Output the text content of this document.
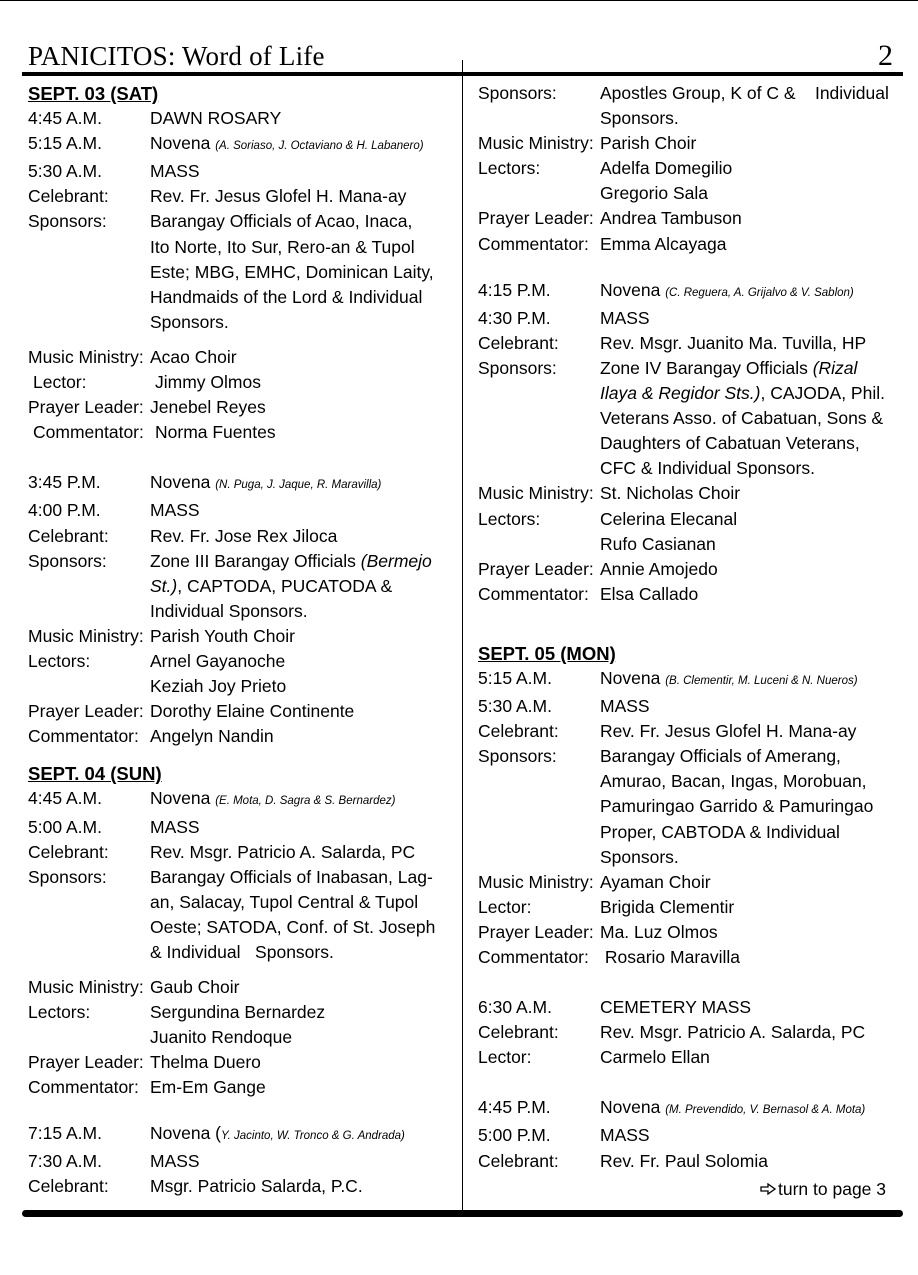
PANICITOS: Word of Life	2
SEPT. 03 (SAT)
4:45 A.M.	DAWN ROSARY
5:15 A.M.	Novena (A. Soriaso, J. Octaviano & H. Labanero)
5:30 A.M.	MASS
Celebrant:	Rev. Fr. Jesus Glofel H. Mana-ay
Sponsors:	Barangay Officials of Acao, Inaca,
Ito Norte, Ito Sur, Rero-an & Tupol
Este; MBG, EMHC, Dominican Laity,
Handmaids of the Lord & Individual
Sponsors.
Music Ministry: Acao Choir
Lector:	Jimmy Olmos
Prayer Leader: Jenebel Reyes
Commentator: Norma Fuentes
3:45 P.M.	Novena (N. Puga, J. Jaque, R. Maravilla)
4:00 P.M.	MASS
Celebrant:	Rev. Fr. Jose Rex Jiloca
Sponsors:	Zone III Barangay Officials (Bermejo
St.), CAPTODA, PUCATODA &
Individual Sponsors.
Music Ministry: Parish Youth Choir
Lectors:	Arnel Gayanoche
Keziah Joy Prieto
Prayer Leader: Dorothy Elaine Continente
Commentator: Angelyn Nandin
SEPT. 04 (SUN)
4:45 A.M.	Novena (E. Mota, D. Sagra & S. Bernardez)
5:00 A.M.	MASS
Celebrant:	Rev. Msgr. Patricio A. Salarda, PC
Sponsors:	Barangay Officials of Inabasan, Lag-
an, Salacay, Tupol Central & Tupol
Oeste; SATODA, Conf. of St. Joseph
& Individual   Sponsors.
Music Ministry: Gaub Choir
Lectors:	Sergundina Bernardez
Juanito Rendoque
Prayer Leader: Thelma Duero
Commentator: Em-Em Gange
7:15 A.M.	Novena (Y. Jacinto, W. Tronco & G. Andrada)
7:30 A.M.	MASS
Celebrant:	Msgr. Patricio Salarda, P.C.
Sponsors:	Apostles Group, K of C &    Individual
Sponsors.
Music Ministry: Parish Choir
Lectors:	Adelfa Domegilio
Gregorio Sala
Prayer Leader: Andrea Tambuson
Commentator: Emma Alcayaga
4:15 P.M.	Novena (C. Reguera, A. Grijalvo & V. Sablon)
4:30 P.M.	MASS
Celebrant:	Rev. Msgr. Juanito Ma. Tuvilla, HP
Sponsors:	Zone IV Barangay Officials (Rizal
Ilaya & Regidor Sts.), CAJODA, Phil.
Veterans Asso. of Cabatuan, Sons &
Daughters of Cabatuan Veterans,
CFC & Individual Sponsors.
Music Ministry: St. Nicholas Choir
Lectors:	Celerina Elecanal
Rufo Casianan
Prayer Leader: Annie Amojedo
Commentator: Elsa Callado
SEPT. 05 (MON)
5:15 A.M.	Novena (B. Clementir, M. Luceni & N. Nueros)
5:30 A.M.	MASS
Celebrant:	Rev. Fr. Jesus Glofel H. Mana-ay
Sponsors:	Barangay Officials of Amerang,
Amurao, Bacan, Ingas, Morobuan,
Pamuringao Garrido & Pamuringao
Proper, CABTODA & Individual
Sponsors.
Music Ministry: Ayaman Choir
Lector:	Brigida Clementir
Prayer Leader: Ma. Luz Olmos
Commentator: Rosario Maravilla
6:30 A.M.	CEMETERY MASS
Celebrant:	Rev. Msgr. Patricio A. Salarda, PC
Lector:	Carmelo Ellan
4:45 P.M.	Novena (M. Prevendido, V. Bernasol & A. Mota)
5:00 P.M.	MASS
Celebrant:	Rev. Fr. Paul Solomia
turn to page 3
